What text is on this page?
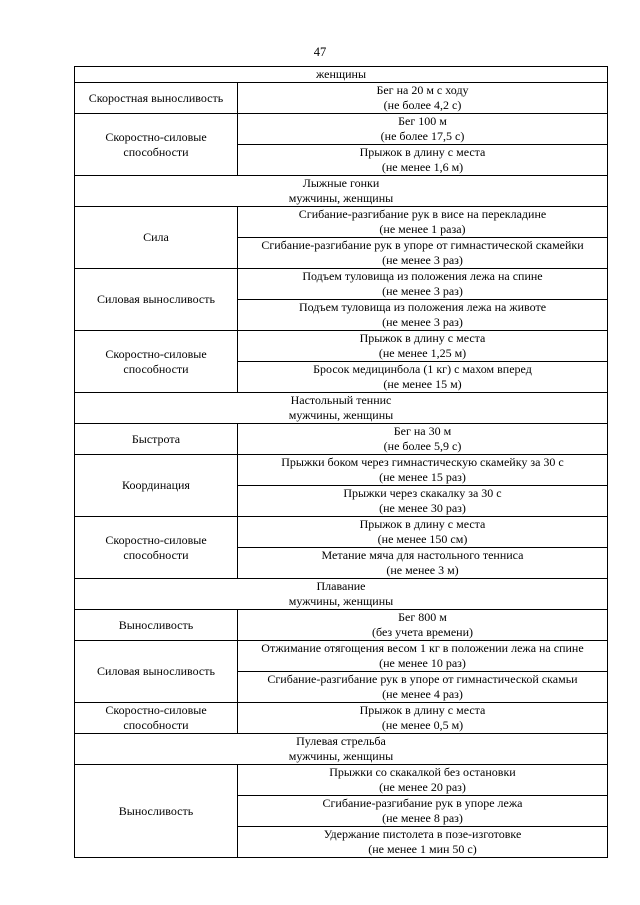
47
женщины	

Скоростная выносливость	Бег на 20 м с ходу
(не более 4,2 с)

Скоростно-силовые способности	Бег 100 м
(не более 17,5 с)

	Прыжок в длину с места
(не менее 1,6 м)

Лыжные гонки
мужчины, женщины	

Сила	Сгибание-разгибание рук в висе на перекладине
(не менее 1 раза)

	Сгибание-разгибание рук в упоре от гимнастической скамейки
(не менее 3 раз)

Силовая выносливость	Подъем туловища из положения лежа на спине
(не менее 3 раз)

	Подъем туловища из положения лежа на животе
(не менее 3 раз)

Скоростно-силовые способности	Прыжок в длину с места
(не менее 1,25 м)

	Бросок медицинбола (1 кг) с махом вперед
(не менее 15 м)

Настольный теннис
мужчины, женщины	

Быстрота	Бег на 30 м
(не более 5,9 с)

Координация	Прыжки боком через гимнастическую скамейку за 30 с
(не менее 15 раз)

	Прыжки через скакалку за 30 с
(не менее 30 раз)

Скоростно-силовые способности	Прыжок в длину с места
(не менее 150 см)

	Метание мяча для настольного тенниса
(не менее 3 м)

Плавание
мужчины, женщины	

Выносливость	Бег 800 м
(без учета времени)

Силовая выносливость	Отжимание отягощения весом 1 кг в положении лежа на спине
(не менее 10 раз)

	Сгибание-разгибание рук в упоре от гимнастической скамьи
(не менее 4 раз)

Скоростно-силовые способности	Прыжок в длину с места
(не менее 0,5 м)

Пулевая стрельба
мужчины, женщины	

Выносливость	Прыжки со скакалкой без остановки
(не менее 20 раз)

	Сгибание-разгибание рук в упоре лежа
(не менее 8 раз)

	Удержание пистолета в позе-изготовке
(не менее 1 мин 50 с)
